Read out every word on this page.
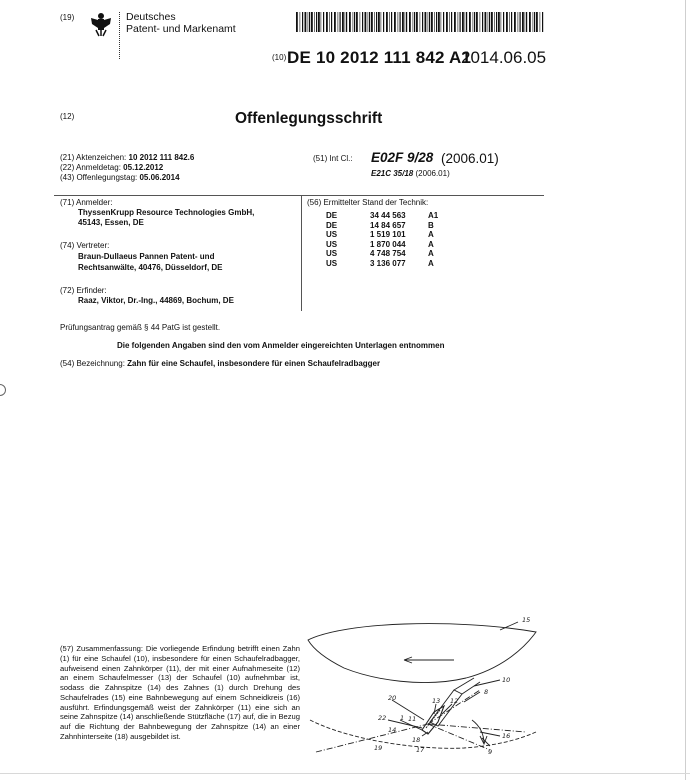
(19)	Deutsches
Patent- und Markenamt
(10) DE 10 2012 111 842 A1
2014.06.05
(12)	Offenlegungsschrift
(21) Aktenzeichen: 10 2012 111 842.6
(22) Anmeldetag: 05.12.2012
(43) Offenlegungstag: 05.06.2014
(51) Int Cl.: E02F 9/28 (2006.01)
E21C 35/18 (2006.01)
(71) Anmelder:
ThyssenKrupp Resource Technologies GmbH,
45143, Essen, DE
(74) Vertreter:
Braun-Dullaeus Pannen Patent- und
Rechtsanwälte, 40476, Düsseldorf, DE
(72) Erfinder:
Raaz, Viktor, Dr.-Ing., 44869, Bochum, DE
(56) Ermittelter Stand der Technik:
DE	34 44 563	A1
DE	14 84 657	B
US	1 519 101	A
US	1 870 044	A
US	4 748 754	A
US	3 136 077	A
Prüfungsantrag gemäß § 44 PatG ist gestellt.
Die folgenden Angaben sind den vom Anmelder eingereichten Unterlagen entnommen
(54) Bezeichnung: Zahn für eine Schaufel, insbesondere für einen Schaufelradbagger
(57) Zusammenfassung: Die vorliegende Erfindung betrifft einen Zahn (1) für eine Schaufel (10), insbesondere für einen Schaufelradbagger, aufweisend einen Zahnkörper (11), der mit einer Aufnahmeseite (12) an einem Schaufelmesser (13) der Schaufel (10) aufnehmbar ist, sodass die Zahnspitze (14) des Zahnes (1) durch Drehung des Schaufelrades (15) eine Bahnbewegung auf einem Schneidkreis (16) ausführt. Erfindungsgemäß weist der Zahnkörper (11) eine sich an seine Zahnspitze (14) anschließende Stützfläche (17) auf, die in Bezug auf die Richtung der Bahnbewegung der Zahnspitze (14) an einer Zahnhinterseite (18) ausgebildet ist.
15
10
8
20	13 12
22 1 11
14
16
18
17
19	9
